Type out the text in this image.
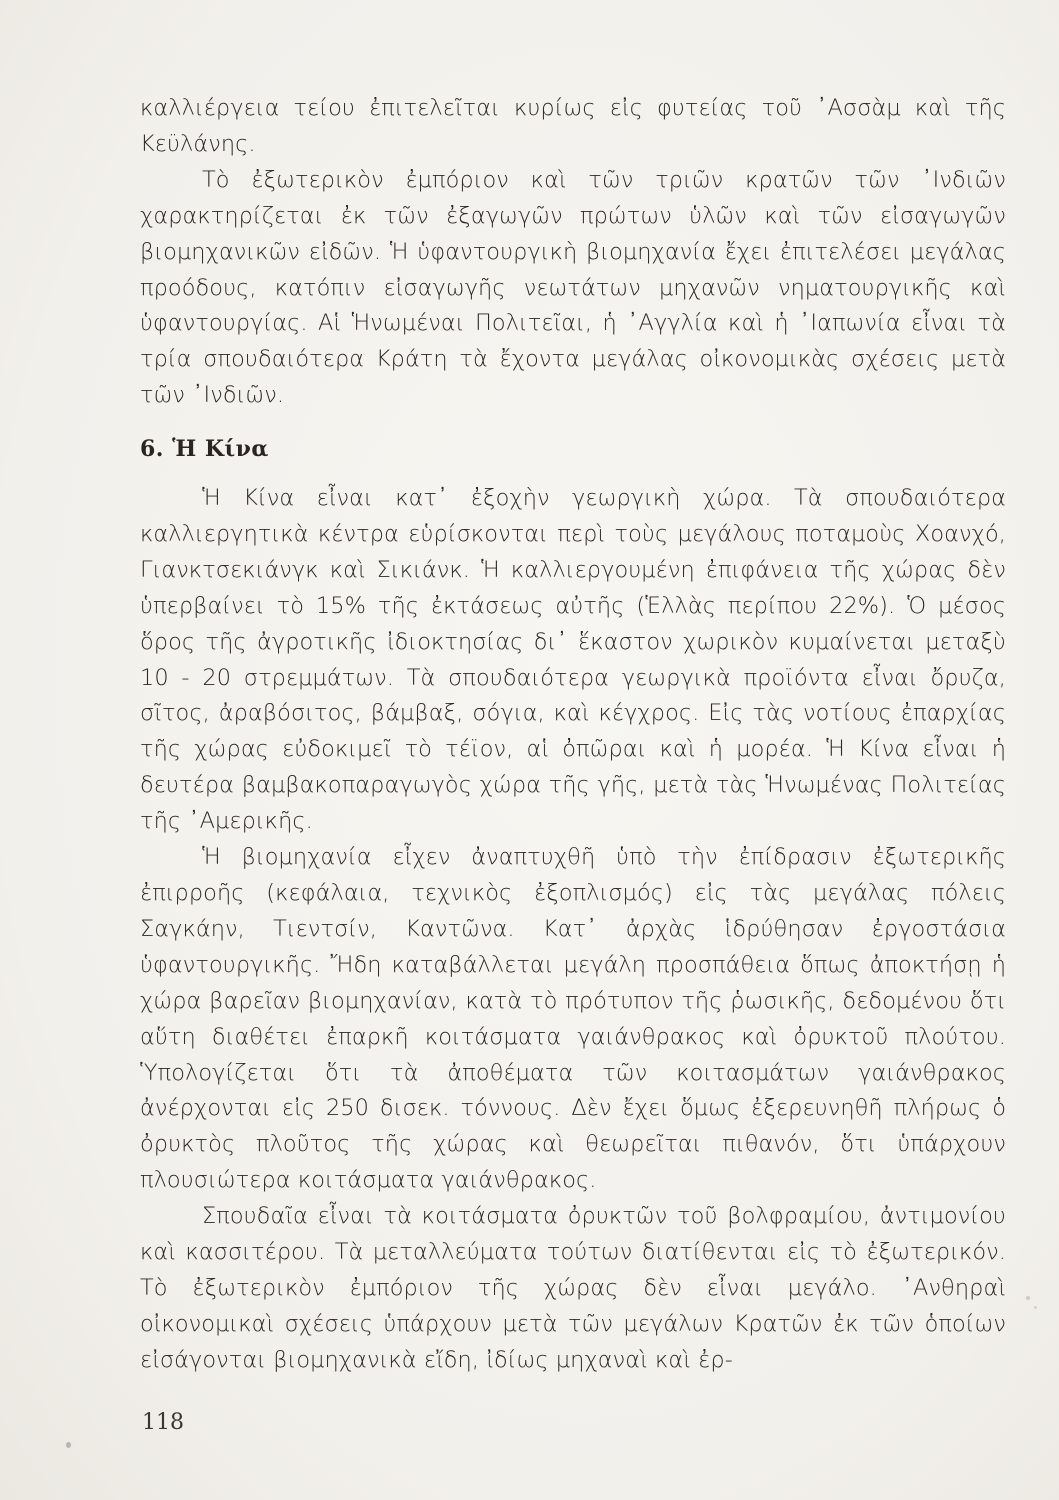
καλλιέργεια τείου ἐπιτελεῖται κυρίως εἰς φυτείας τοῦ ᾿Ασσὰμ καὶ τῆς Κεϋλάνης.

Τὸ ἐξωτερικὸν ἐμπόριον καὶ τῶν τριῶν κρατῶν τῶν ᾿Ινδιῶν χαρακτηρίζεται ἐκ τῶν ἐξαγωγῶν πρώτων ὑλῶν καὶ τῶν εἰσαγωγῶν βιομηχανικῶν εἰδῶν. Ἡ ὑφαντουργικὴ βιομηχανία ἔχει ἐπιτελέσει μεγάλας προόδους, κατόπιν εἰσαγωγῆς νεωτάτων μηχανῶν νηματουργικῆς καὶ ὑφαντουργίας. Αἱ Ἡνωμέναι Πολιτεῖαι, ἡ ᾿Αγγλία καὶ ἡ ᾿Ιαπωνία εἶναι τὰ τρία σπουδαιότερα Κράτη τὰ ἔχοντα μεγάλας οἰκονομικὰς σχέσεις μετὰ τῶν ᾿Ινδιῶν.

6. Ἡ Κίνα

Ἡ Κίνα εἶναι κατ᾿ ἐξοχὴν γεωργικὴ χώρα. Τὰ σπουδαιότερα καλλιεργητικὰ κέντρα εὑρίσκονται περὶ τοὺς μεγάλους ποταμοὺς Χοανχό, Γιανκτσεκιάνγκ καὶ Σικιάνκ. Ἡ καλλιεργουμένη ἐπιφάνεια τῆς χώρας δὲν ὑπερβαίνει τὸ 15% τῆς ἐκτάσεως αὐτῆς (Ἑλλὰς περίπου 22%). Ὁ μέσος ὅρος τῆς ἀγροτικῆς ἰδιοκτησίας δι᾿ ἕκαστον χωρικὸν κυμαίνεται μεταξὺ 10 - 20 στρεμμάτων. Τὰ σπουδαιότερα γεωργικὰ προϊόντα εἶναι ὄρυζα, σῖτος, ἀραβόσιτος, βάμβαξ, σόγια, καὶ κέγχρος. Εἰς τὰς νοτίους ἐπαρχίας τῆς χώρας εὐδοκιμεῖ τὸ τέϊον, αἱ ὀπῶραι καὶ ἡ μορέα. Ἡ Κίνα εἶναι ἡ δευτέρα βαμβακοπαραγωγὸς χώρα τῆς γῆς, μετὰ τὰς Ἡνωμένας Πολιτείας τῆς ᾿Αμερικῆς.

Ἡ βιομηχανία εἶχεν ἀναπτυχθῆ ὑπὸ τὴν ἐπίδρασιν ἐξωτερικῆς ἐπιρροῆς (κεφάλαια, τεχνικὸς ἐξοπλισμός) εἰς τὰς μεγάλας πόλεις Σαγκάην, Τιεντσίν, Καντῶνα. Κατ᾿ ἀρχὰς ἱδρύθησαν ἐργοστάσια ὑφαντουργικῆς. Ἤδη καταβάλλεται μεγάλη προσπάθεια ὅπως ἀποκτήσῃ ἡ χώρα βαρεῖαν βιομηχανίαν, κατὰ τὸ πρότυπον τῆς ῥωσικῆς, δεδομένου ὅτι αὕτη διαθέτει ἐπαρκῆ κοιτάσματα γαιάνθρακος καὶ ὀρυκτοῦ πλούτου. Ὑπολογίζεται ὅτι τὰ ἀποθέματα τῶν κοιτασμάτων γαιάνθρακος ἀνέρχονται εἰς 250 δισεκ. τόννους. Δὲν ἔχει ὅμως ἐξερευνηθῆ πλήρως ὁ ὀρυκτὸς πλοῦτος τῆς χώρας καὶ θεωρεῖται πιθανόν, ὅτι ὑπάρχουν πλουσιώτερα κοιτάσματα γαιάνθρακος.

Σπουδαῖα εἶναι τὰ κοιτάσματα ὀρυκτῶν τοῦ βολφραμίου, ἀντιμονίου καὶ κασσιτέρου. Τὰ μεταλλεύματα τούτων διατίθενται εἰς τὸ ἐξωτερικόν. Τὸ ἐξωτερικὸν ἐμπόριον τῆς χώρας δὲν εἶναι μεγάλο. ᾿Ανθηραὶ οἰκονομικαὶ σχέσεις ὑπάρχουν μετὰ τῶν μεγάλων Κρατῶν ἐκ τῶν ὁποίων εἰσάγονται βιομηχανικὰ εἴδη, ἰδίως μηχαναὶ καὶ ἐρ-

118
